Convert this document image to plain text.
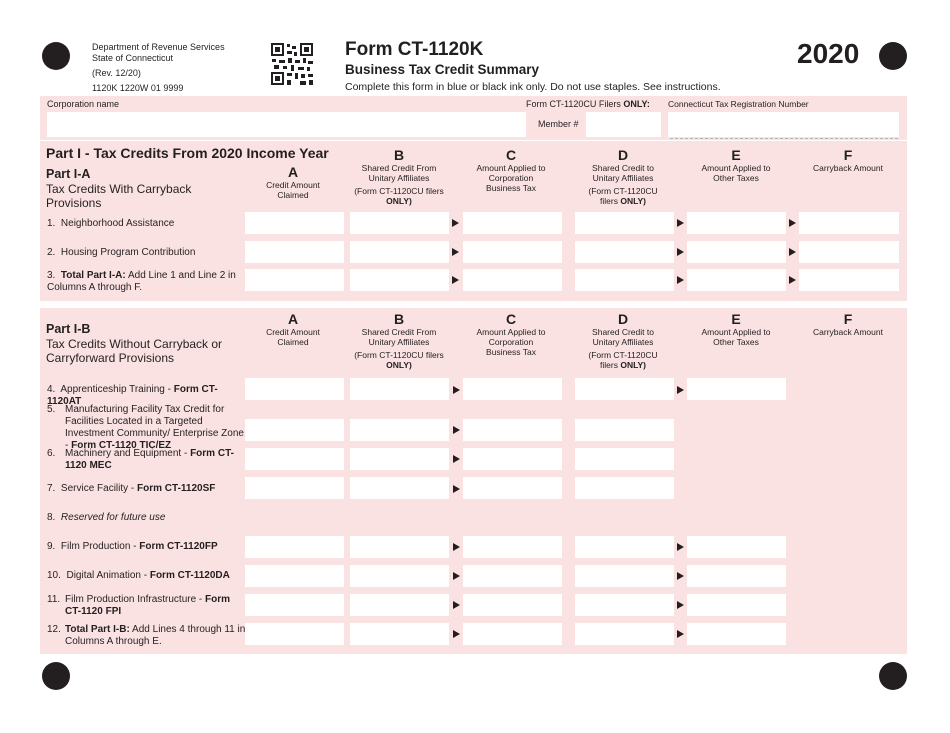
Department of Revenue Services
State of Connecticut
(Rev. 12/20)
1120K 1220W 01 9999
Form CT-1120K
Business Tax Credit Summary
Complete this form in blue or black ink only. Do not use staples. See instructions.
2020
Corporation name	Form CT-1120CU Filers ONLY:
Member #
Connecticut Tax Registration Number
Part I - Tax Credits From 2020 Income Year
Part I-A
Tax Credits With Carryback Provisions
A
Credit Amount Claimed
B
Shared Credit From Unitary Affiliates
(Form CT-1120CU filers ONLY)
C
Amount Applied to Corporation Business Tax
D
Shared Credit to Unitary Affiliates
(Form CT-1120CU filers ONLY)
E
Amount Applied to Other Taxes
F
Carryback Amount
1. Neighborhood Assistance
2. Housing Program Contribution
3. Total Part I-A: Add Line 1 and Line 2 in Columns A through F.
Part I-B
Tax Credits Without Carryback or Carryforward Provisions
A
Credit Amount Claimed
B
Shared Credit From Unitary Affiliates
(Form CT-1120CU filers ONLY)
C
Amount Applied to Corporation Business Tax
D
Shared Credit to Unitary Affiliates
(Form CT-1120CU filers ONLY)
E
Amount Applied to Other Taxes
F
Carryback Amount
4. Apprenticeship Training - Form CT-1120AT
5. Manufacturing Facility Tax Credit for Facilities Located in a Targeted Investment Community/ Enterprise Zone - Form CT-1120 TIC/EZ
6. Machinery and Equipment - Form CT-1120 MEC
7. Service Facility - Form CT-1120SF
8. Reserved for future use
9. Film Production - Form CT-1120FP
10. Digital Animation - Form CT-1120DA
11. Film Production Infrastructure - Form CT-1120 FPI
12. Total Part I-B: Add Lines 4 through 11 in Columns A through E.
